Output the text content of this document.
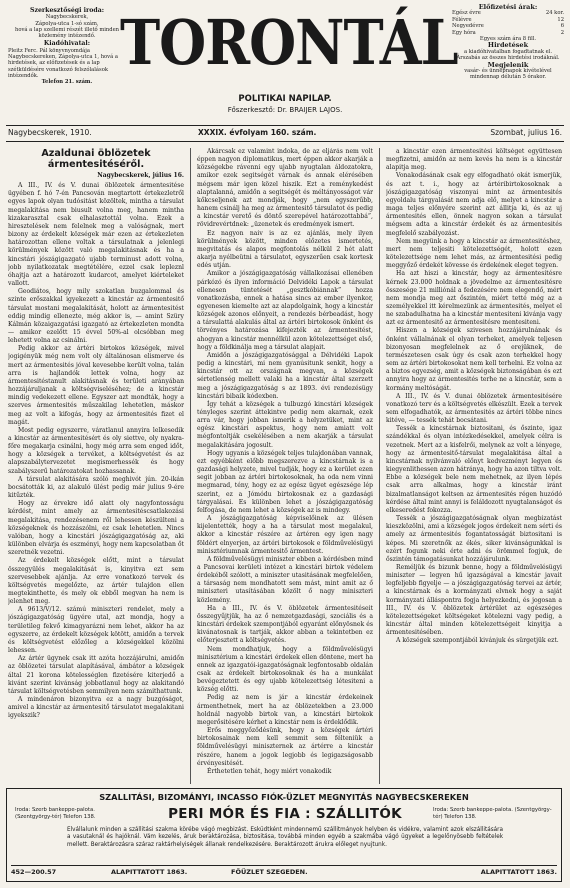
Szerkesztőségi iroda:
Nagybecskerek,
Zápolya-utca 1-só szám,
hová a lap szellemi részét illető minden közlemény intézendő.
Kiadóhivatal:
Pleitz Ferc. Pál könyvnyomdája Nagybecskereken, Zápolya-utca 1, hová a hirdetések, az előfizetések és a lap szétküldésére vonatkozó felszólalások intézendők.
Telefon 21. szám.
TORONTÁL
POLITIKAI NAPILAP.
Főszerkesztő: Dr. BRAIJER LAJOS.
Előfizetési árak:
Egész évre	24 kor.
Félévre	12
Negyedévre	6
Egy hóra	2
Egyes szám ára 8 fill.
Hirdetések
a kiadóhivatalban fogadtatnak el. Árszabás az összes hirdetési irodáknál.
Megjelenik
vasár- és ünnepnapok kivételével mindennap délután 5 órakor.
Nagybecskerek, 1910.	XXXIX. évfolyam 160. szám.	Szombat, julius 16.
Azaldunai öblözetek ármentesitéséről.
Nagybecskerek, július 16.

A III., IV. és V. dunai öblözetek ármentesitése ügyében f. hó 7-én Pancsován megtartott értekezletről egyes lapok olyan tudósitást közöltek, mintha a társulat megalakitása nem biusult volna meg, hanem mintha kizakarasztal csak elhalasztottál volna. Ezek a hiresztelések nem felelnek meg a valóságnak, mert bizony az érdekelt községek már ezen az értekezleten határozottan ellene voltak a társulatnak a jelenlegi körülmények között való megalakitásnak és ha a kincstári jószágigazgató ujabb terminust adott volna, jobb nyilatkozatak megtétélére, ezzel csak lepleznl óhajtja azt a határozott kudarcot, amelyet kiérteleket vallott.

Geodiátos, hogy mily szokatlan buzgalommal és szinte erőszakkal igyekezett a kincstár az ármentesitő társulat mostani megalakitását, holott az ármentesitést eddig mindig ellenezte, még akkor is, — amint Szüry Kálmán közaigazgatási igazgató az értekezleten mondta — amikor ezelőtt 15 évvel 50%-al olcsóbban meg lehetett volna az csinálni.

Pedig akkor az ártéri birtokos községek, mivel jogigényük még nem volt oly általánosan elismerve és mert az ármentesités jóval kevesebbe került volna, talán arra is hajlandók lettek volna, hogy az ármentesitéstanult alakitásnak és területi arányában hozzájáruljanak a költségviseléséhez; de a kincstár mindig vedekezett ellene. Egyszer azt mondták, hogy a szerves ármentesités műszakilag lehetetlen, máskor meg az volt a kifogás, hogy az ármentesités fizet el magát.

Most pedig egyszerre, váratlanul annyira lelkesedik a kincstár az ármentesitésért és oly siettve, oly nyakra-főre megakarja csinálni, hogy még arra sem enged időt, hogy a községek a tervéket, a költségvetést és az alapszabálytervezetet megismerhessék és hogy szabályszerű határozatokat hozhassanak.

A társulat alakitására szóló meghivót jún. 20-ikán bocsátották ki, az alakuló ülést pedig már julius 9-ére kitűzték.

Hogy az érvekre idő alatt oly nagyfontosságu kérdést, mint amely az ármentesitéscsatlakozási megalakitása, rendezésenem ről lehessen készülteni a községeknek és hozzászólni, ez csak lehetetlen. Nincs valóban, hogy a kincstári jószágigazgatóság az, aki különben elvárja és eszményi, hogy nem kapcsolatban őt szeretnék vezetni.

Az érdekelt községek előtt, mint a társulat összegyülés megalakitását is, kinyitva ezt sem szervesebbek ajánlja. Az erre vonatkozó tervek és költségvetés megelőzte, az ártér tulajdon ellen megtekinthette, és mely ok ebből megvan ha nem is jelenhet meg.

A 9613/V/12. számú miniszteri rendelet, mely a jószágigazgatóság ügyére utal, azt mondja, hogy a területileg fekvő kimagyarázni nem lehet, akkor ha az egyszerre, az érdekelt községek kötött, amidőn a tervek és költségvetést előzőleg a községekkel közölni lehessen.

Az ártér ügynek csak itt azóta hozzájárulni, amidőn az öblözetei társulat alapításával, ámbátor a községek által 21 korona kötelességlen fizetésére kiterjedő a kivánt szerint kivánság jobbatlanul hogy az alakitandó társulat költségvetésben semmilyen nem számithattunk.

A mindenáron bizonyitva ez a nagy buzgóságot, amivel a kincstár az ármentesitő társulatot megalakitani igyekszik?

Akárcsak ez valamint indoka, de az eljárás nem volt éppen nagyon diplomatikus, mert éppen akkor akarják a községekbe rávenni egy ujabb nyugtalan áldozatokra, amikor ezek segitségét várnak és annak elérésében mégsem már igen közel hiszik. Ezt a reménykedést alaptalanná, amidőn a segitségét és méltányosságot vár kőkcseljenek azt mondják, hogy „nem egyszerűbb, hanem csinálj ha meg az ármentesitő társulatot és pedig a kincstár verető és döntő szerepével határozottabbá”, rövidrevértdnek: „üzenetek és eredmények ismert.

Ez nagyon naiv is az ez ajánlás, mely ilyen körülmények között, minden előzetes ismertetés, megvitatás és alapos megfontolás nélkül 2 hét alatt akarja nyélbeütni a társulatot, egyszerűen csak kortesk edés utján.

Amikor a jószágigazgatóság vállalkozásai ellenében párkózó és ilyen információ Delvidéki Lapok a társulat ellenesen tüntetését „gesztkóbiánnak” hozza vonatkozásba, ennek a hatása sincs az ember ilyenkor, egyenesen kiemelte azt az alapdolgaink, hogy a kincstár községek azonos előnyeit, a rendezés bérbeadást, hogy a társulattá alakulás által az ártéri birtokosok önként és törvényes határozása kifejezték az ármentesitést, ahogyan a kincstár mennélkül azon kötelezettséget első, hogy a földkinálja meg a társulat alapjait.

Amidőn a jószágigazgatósággal a Délvidéki Lapok pedig a kincstári, mi nem gyanúsitunk senkit, hogy a kincstár ott az országnak megvan, a községek sértetlenség mellett valaki ha a kincstár által szerzett meg a jószágigazgatóság s az 1893. évi rendezésügy kincstári bibaik kódexben.

Így tehát a községek a tulbuzgó kincstári községek tényleges szerint áttekintve pedig nem akarnak, ezek arra vár, hogy jobban ismerik a helyzetüket, mint az egész kincstári aspektus, hogy nem amiatt volt mégfontoltják csekélésében a nem akarják a társulat megalakitására jogosult.

Hogy ugyanis a községek teljes tulajdonában vannak, ezt egyébként előbb megszerezve a kincstárnak is a gazdasági helyzete, mivel tudják, hogy ez a kerület ezen segit jobban az ártéri birtokosoknak, ha oda nem vinni megmarad, tény, hogy ez az egész ügyet egészsége lép szerint, ez a Jómódu birtokosnak ez a gazdasági tárgyalásai. Es különben lehet a jószágigazgatóság felfogása, de nem lehet a községek az is mindegy.

A jószágigazgatóság képviselőinek az ülésen kijelentették, hogy a ha a társulat most megalakul, akkor a kincstár részére az ártéren egy igen nagy földért elnyerjen, az ártéri birtokosok e földművelésügyi minisztériumnak ármentesitő ármentest.

A földművelésügyi miniszter ebben a kérdésben mind a Pancsovai kerületi intézet a kincstári birtok védelem érdekéből szólott, a miniszter utasitásának megfelelően, a társaság nem mondhatott sem mást, mint amit az ő miniszteri utasításában közölt ő nagy miniszteri közlemény.

Ha a III., IV. és V. öblözetek ármentesitéseit összegyűjtjük, ha az ő nemzetgazdasági, szociális és a kincstári érdekek szempontjából egyaránt előnyösnek és kivánatosnak is tartják, akkor abban a tekintetben ez előterjesztett a költségvetés.

Nem mondhatjuk, hogy a földművelésügyi minisztérium a kincstári érdekek ellen döntene, mert ha ennek az igazgatói-igazgatóságnak legfontosabb oldalán csak az érdekelt birtokosoknak és ha a munkálat bevégeztetett és egy ujabb kötelezettség létesiteni a község előtti.

Pedig az nem is jár a kincstár érdekeinek ármenthetnek, mert ha az öblözetekben a 23.000 holdnál nagyobb birtok van, a kincstári birtokok megerősitésére kérhet a kincstár nem is érdeklődik.

Erős meggyőződésünk, hogy a községek ártéri birtokosainak nem kell semmit sem félteniük a földművelésügyi miniszternek az ártérre a kincstár részére, hanem a jogok legjobb és legigazságosabb érvényesitését.

Érthetetlen tehát, hogy miért vonakodik

a kincstár ezen ármentesitési költséget együttesen megfizetni, amidőn az nem kevés ha nem is a kincstár alapitja meg.

Vonakodásának csak egy elfogadható okát ismerjük, és azt t. i., hogy az ártéribirtokosoknak a jószágigazgatóság viszonyai mint az ármentesités egyoldalu tárgyalását nem adja elő, melyet a kincstár a maga teljes előnyére szerint azt állitja ki, és az uj ármentesités ellen, önnek nagyon sokan a társulat mégsem adta a kincstár érdekét és az ármentesités megfelelő szabályozást.

Nem megyünk a hogy a kincstár az ármentesitéshez, mert nem teljesiti kötelezettségét, holott ezen kötelezettsége nem lehet más, az ármentesitési pedig meggyőző érdekét kövesse és érdekének eleget tegyen.

Ha azt hiszi a kincstár, hogy az ármentesitésre kérnek 23.000 holdnak a jövedelme az ármentesitésre összesége 21 milliónál a fedezésére nem elegendő, mért nem mondja meg azt őszintén, miért tetté még az a személyekkel itt kérelmezünk az ármentesités, melyet el ne szabadulhatna ha a kincstár mentesiteni kivánja vagy azt ez ármentesitő az ármentesitésre mentesiteni.

Hiszen a községek szivesen hozzájárulnának és önként vállalnának el olyan terheket, amelyek teljesen bizonyosan megfelelnek az ő erejüknek, de természetesen csak úgy és csak azon terhekkel hogy sem az ártéri birtokosokat nem kell terhelni. Ez volna az a biztos egyezség, amit a községek biztonságában és ezt annyira hogy az ármentesités terhe ne a kincstár, sem a kormány meltóságát.

A III., IV. és V. dunai öblözetek ármentesitésére vonatkozó terv és a költségvetés elkészült. Ezek a tervek sem elfogadhatók, az ármentesités az ártéri többe nincs kitéve, — tessék tehát bocsátani.

Tessék a kincstárnak biztositani, és őszinte, igaz szándékkal és olyan intézkedésekkel, amelyek célra is vezetnek. Mert az a kisfelrői, melynek az volt a lényege, hogy az ármentesitő-társulat megalakitása által a kincstárnak nyilvánvaló előnyt kedvezményt legyen és kiegyenlithessen azon hátránya, hogy ha azon tiltva volt. Ebbe a községek bele nem mehetnek, az ilyen lépés csak arra alkalmas, hogy a kincstár iránt bizalmatlanságot keltsen az ármentesités régen huzódó kérdése által mint annyi is feláldozott nyugtalanságot és elkeseredést fokozza.

Tessék a jószágigazgatóságnak olyan megbizatást kieszközölni, ami a községek jogos érdekeit nem sérti és amely az ármentesités fogantatosságát biztositani is képes. Mi szeretnők az ékés, siker kivánságunkkal is ezért fogunk neki érte adni és örömmel fogjuk, de őszintén támogatásunkat hozzájárulunk.

Reméljük és bizunk benne, hogy a földművelésügyi miniszter — legyen hű igazságával a kincstár javait legfeljebb figyelje — a jószágigazgatóság tervei az ártér, a kincstárnak és a kormányzati elvnek hogy a saját kormányzati álláspontra fogja helyezkedni, és jogosan a III., IV. és V. öblözetek ártérület az egészséges kötelezettségeket költségeket kötelezni vagy pedig, a kincstár által minden kötelezettségeit kinyitja a ármentesitésében.

A községek szempontjából kivánjuk és sürgetjük ezt.

SZALLITÁSI, BIZOMÁNYI, INCASSO FIÓK-ÜZLET MEGNYITÁS NAGYBECSKEREKEN
Iroda: Szerb bankeppe-palota. (Szentgyörgy-tér) Telefon 138.	PERI MÓR ÉS FIA : SZÁLLITÓK	Iroda: Szerb bankeppe-palota. (Szentgyörgy-tér) Telefon 138.
Elvállalunk minden a szállitási szakma körébe vágó megbizást. Esküdtként mindennemű szállitmányok helyben és vidékre, valamint azok elszállitására a vasutaknál és hajóknál. Vám kezelés, áruk beraktározása, biztositása, továbbá minden egyéb a szakmába vágó ügyeket a legelőnyösebb feltételek mellett. Beraktározásra száraz raktárhelyiségek állanak rendelkezésére. Beraktározott árukra előleget nyujtunk.
452—200.57	ALAPITTATOTT 1863.	FŐÜZLET SZEGEDEN.	ALAPITTATOTT 1863.
